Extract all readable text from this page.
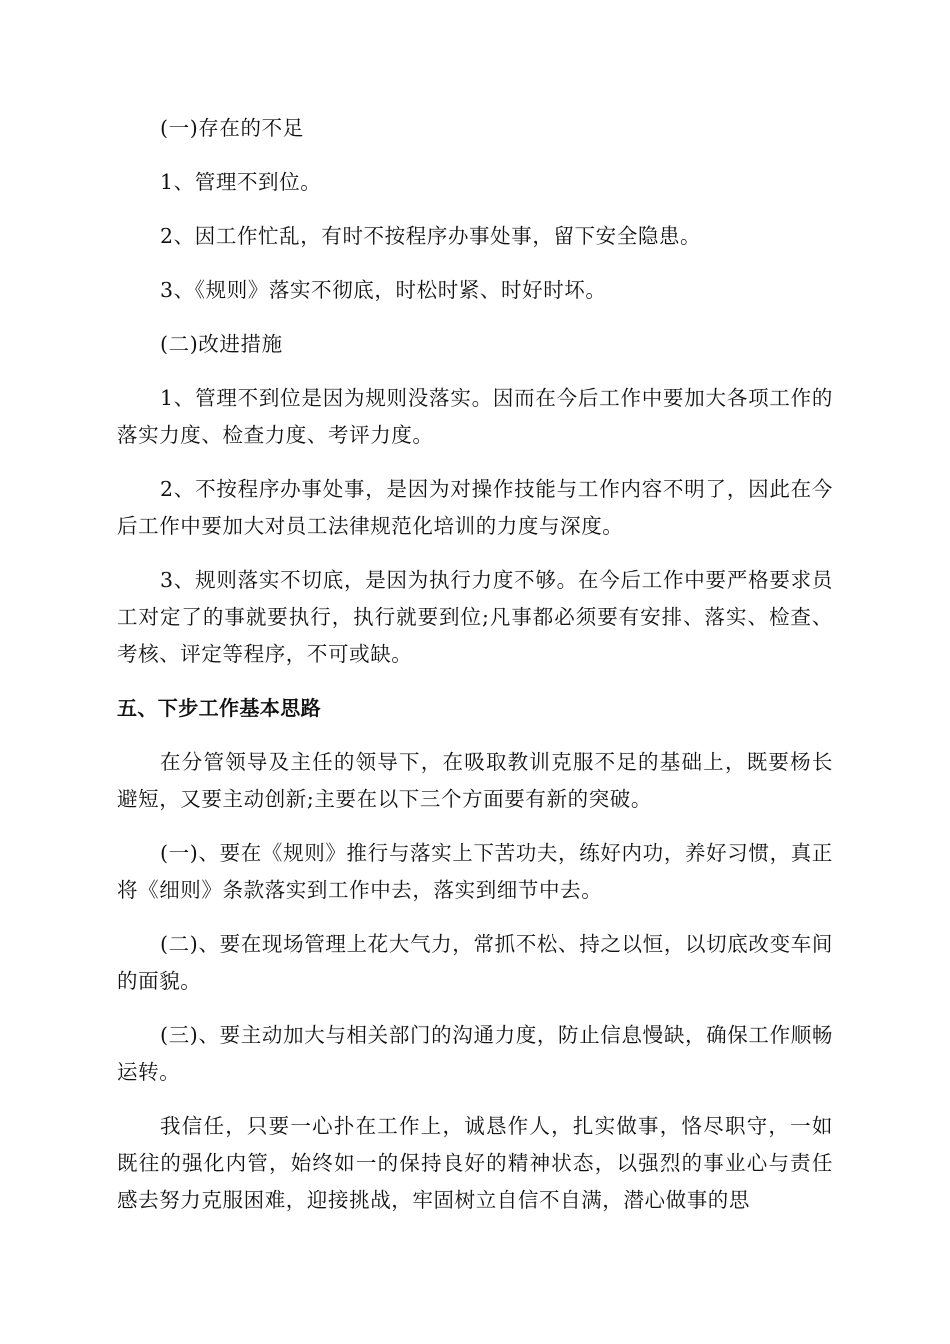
(一)存在的不足

1、管理不到位。

2、因工作忙乱，有时不按程序办事处事，留下安全隐患。

3、《规则》落实不彻底，时松时紧、时好时坏。

(二)改进措施

1、管理不到位是因为规则没落实。因而在今后工作中要加大各项工作的落实力度、检查力度、考评力度。

2、不按程序办事处事，是因为对操作技能与工作内容不明了，因此在今后工作中要加大对员工法律规范化培训的力度与深度。

3、规则落实不切底，是因为执行力度不够。在今后工作中要严格要求员工对定了的事就要执行，执行就要到位;凡事都必须要有安排、落实、检查、考核、评定等程序，不可或缺。

五、下步工作基本思路

在分管领导及主任的领导下，在吸取教训克服不足的基础上，既要杨长避短，又要主动创新;主要在以下三个方面要有新的突破。

(一)、要在《规则》推行与落实上下苦功夫，练好内功，养好习惯，真正将《细则》条款落实到工作中去，落实到细节中去。

(二)、要在现场管理上花大气力，常抓不松、持之以恒，以切底改变车间的面貌。

(三)、要主动加大与相关部门的沟通力度，防止信息慢缺，确保工作顺畅运转。

我信任，只要一心扑在工作上，诚恳作人，扎实做事，恪尽职守，一如既往的强化内管，始终如一的保持良好的精神状态，以强烈的事业心与责任感去努力克服困难，迎接挑战，牢固树立自信不自满，潜心做事的思
